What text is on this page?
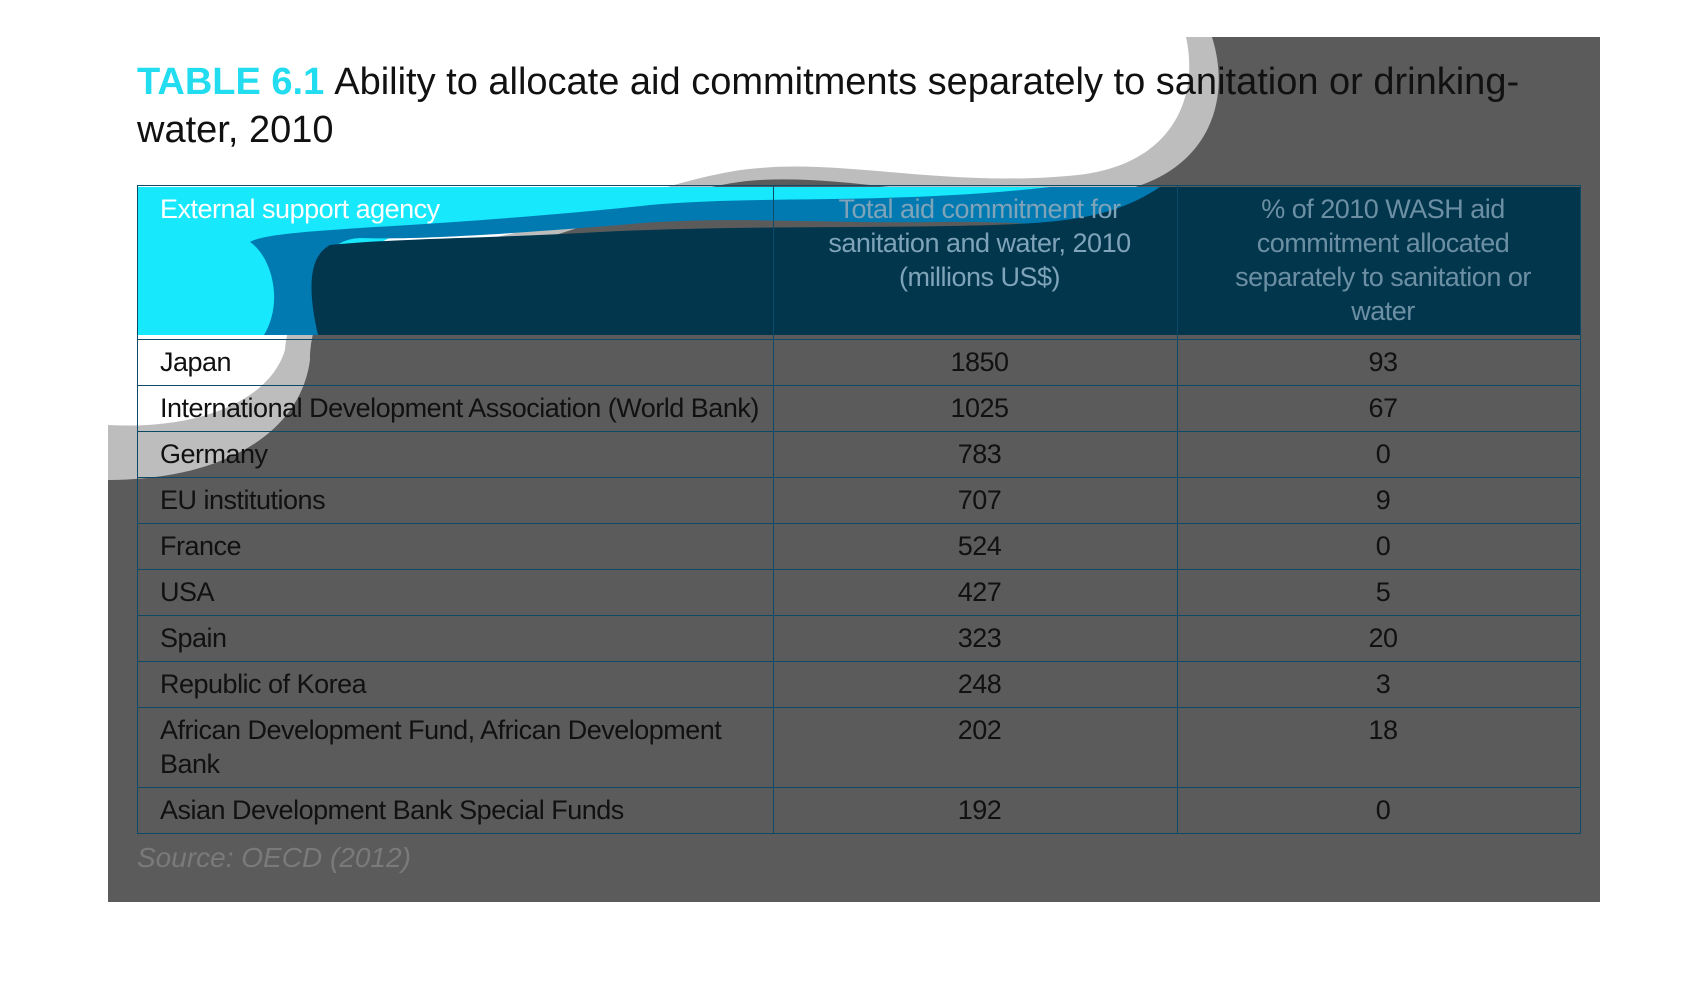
TABLE 6.1 Ability to allocate aid commitments separately to sanitation or drinking-water, 2010
External support agency	Total aid commitment for sanitation and water, 2010 (millions US$)	% of 2010 WASH aid commitment allocated separately to sanitation or water
Japan	1850	93
International Development Association (World Bank)	1025	67
Germany	783	0
EU institutions	707	9
France	524	0
USA	427	5
Spain	323	20
Republic of Korea	248	3
African Development Fund, African Development Bank	202	18
Asian Development Bank Special Funds	192	0
Source: OECD (2012)
